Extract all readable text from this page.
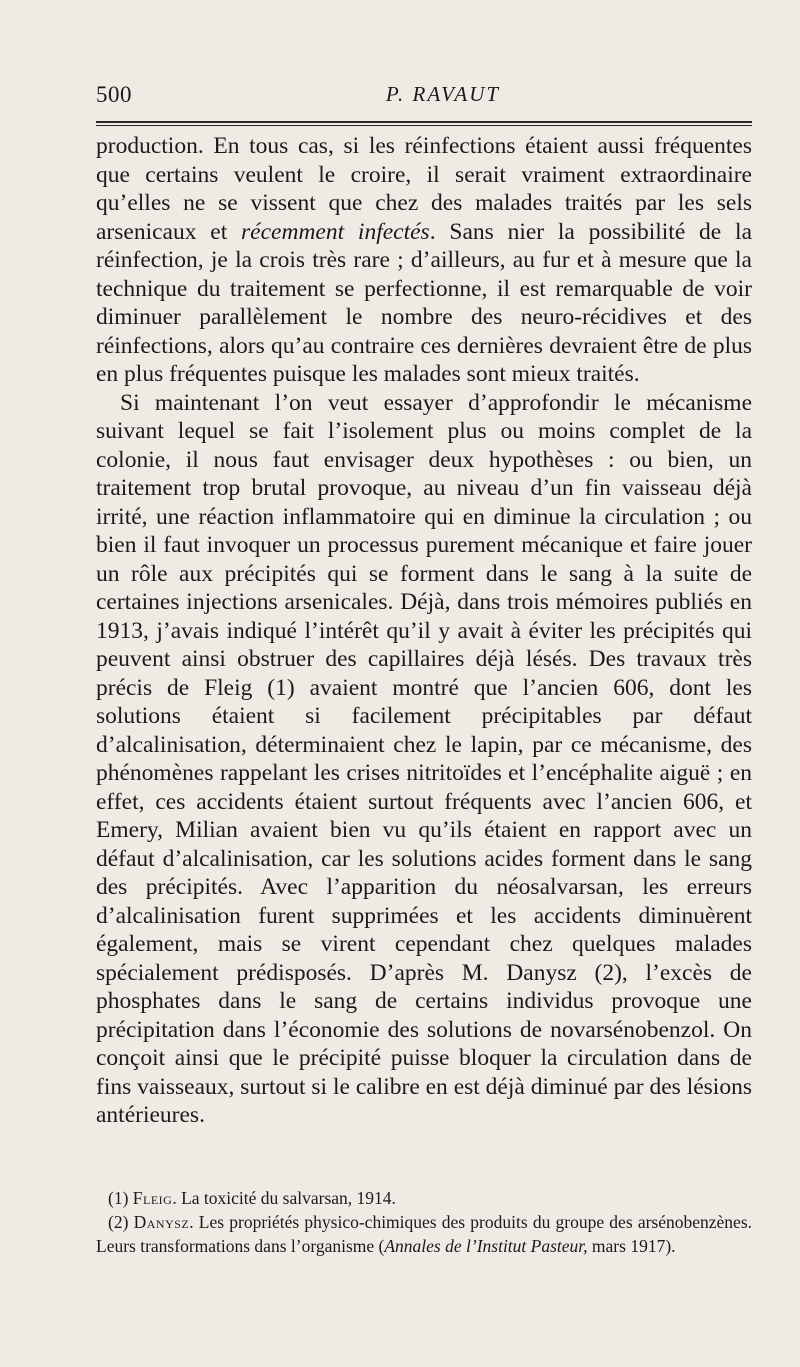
500	P. RAVAUT

production. En tous cas, si les réinfections étaient aussi fréquentes que certains veulent le croire, il serait vraiment extraordinaire qu’elles ne se vissent que chez des malades traités par les sels arsenicaux et récemment infectés. Sans nier la possibilité de la réinfection, je la crois très rare ; d’ailleurs, au fur et à mesure que la technique du traitement se perfectionne, il est remarquable de voir diminuer parallèlement le nombre des neuro-récidives et des réinfections, alors qu’au contraire ces dernières devraient être de plus en plus fréquentes puisque les malades sont mieux traités.

Si maintenant l’on veut essayer d’approfondir le mécanisme suivant lequel se fait l’isolement plus ou moins complet de la colonie, il nous faut envisager deux hypothèses : ou bien, un traitement trop brutal provoque, au niveau d’un fin vaisseau déjà irrité, une réaction inflammatoire qui en diminue la circulation ; ou bien il faut invoquer un processus purement mécanique et faire jouer un rôle aux précipités qui se forment dans le sang à la suite de certaines injections arsenicales. Déjà, dans trois mémoires publiés en 1913, j’avais indiqué l’intérêt qu’il y avait à éviter les précipités qui peuvent ainsi obstruer des capillaires déjà lésés. Des travaux très précis de Fleig (1) avaient montré que l’ancien 606, dont les solutions étaient si facilement précipitables par défaut d’alcalinisation, déterminaient chez le lapin, par ce mécanisme, des phénomènes rappelant les crises nitritoïdes et l’encéphalite aiguë ; en effet, ces accidents étaient surtout fréquents avec l’ancien 606, et Emery, Milian avaient bien vu qu’ils étaient en rapport avec un défaut d’alcalinisation, car les solutions acides forment dans le sang des précipités. Avec l’apparition du néosalvarsan, les erreurs d’alcalinisation furent supprimées et les accidents diminuèrent également, mais se virent cependant chez quelques malades spécialement prédisposés. D’après M. Danysz (2), l’excès de phosphates dans le sang de certains individus provoque une précipitation dans l’économie des solutions de novarsénobenzol. On conçoit ainsi que le précipité puisse bloquer la circulation dans de fins vaisseaux, surtout si le calibre en est déjà diminué par des lésions antérieures.

(1) Fleig. La toxicité du salvarsan, 1914.

(2) Danysz. Les propriétés physico-chimiques des produits du groupe des arsénobenzènes. Leurs transformations dans l’organisme (Annales de l’Institut Pasteur, mars 1917).
